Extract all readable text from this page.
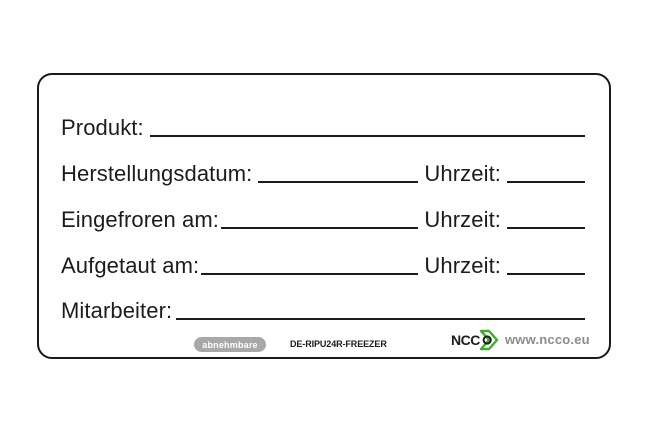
Produkt:
Herstellungsdatum:	Uhrzeit:
Eingefroren am:	Uhrzeit:
Aufgetaut am:	Uhrzeit:
Mitarbeiter:
abnehmbare	DE-RIPU24R-FREEZER	NCC www.ncco.eu
